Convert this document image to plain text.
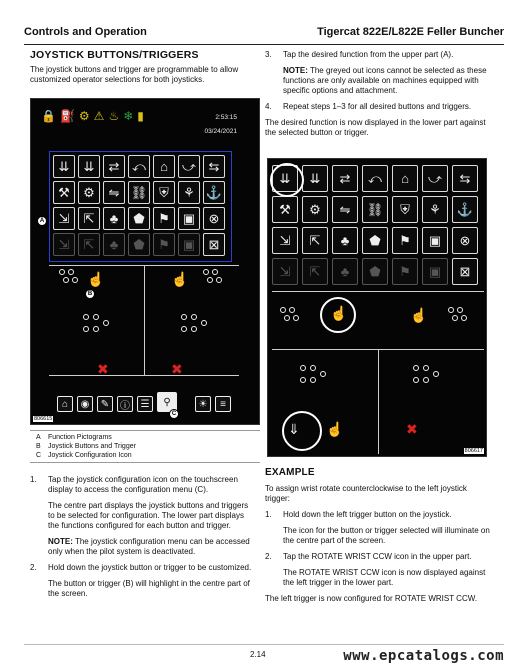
Controls and Operation	Tigercat 822E/L822E Feller Buncher
JOYSTICK BUTTONS/TRIGGERS

The joystick buttons and trigger are programmable to allow customized operator selections for both joysticks.

🔒 ⛽ ⚙ ⚠ ♨ ❄ ▮	2:53:15
03/24/2021
⇊	⇊	⇄ ⤺	⌂	⤻ ⇆
⚒	⚙	⇋ ⛓ ⛨	⚘ ⚓
⇲	⇱	♣	⬟	⚑	▣	⊗
⇲	⇱	♣	⬟	⚑	▣	⊠
☝	☝
✖	✖
⌂	◉	✎	ⓘ	☰	⚲	☀	≡
A
B
C
806615
A Function Pictograms
B Joystick Buttons and Trigger
C Joystick Configuration Icon
1. Tap the joystick configuration icon on the touchscreen display to access the configuration menu (C).

The centre part displays the joystick buttons and triggers to be selected for configuration. The lower part displays the functions configured for each button and trigger.

NOTE: The joystick configuration menu can be accessed only when the pilot system is deactivated.

2. Hold down the joystick button or trigger to be customized.

The button or trigger (B) will highlight in the centre part of the screen.

3. Tap the desired function from the upper part (A).

NOTE: The greyed out icons cannot be selected as these functions are only available on machines equipped with specific options and attachment.

4. Repeat steps 1–3 for all desired buttons and triggers.

The desired function is now displayed in the lower part against the selected button or trigger.

⇊	⇊	⇄	⤺	⌂	⤻	⇆
⚒	⚙	⇋	⛓	⛨	⚘	⚓
⇲	⇱	♣	⬟	⚑	▣	⊗
⇲	⇱	♣	⬟	⚑	▣	⊠
☝	☝
⇓ ☝	✖
806617
EXAMPLE

To assign wrist rotate counterclockwise to the left joystick trigger:

1. Hold down the left trigger button on the joystick.

The icon for the button or trigger selected will illuminate on the centre part of the screen.

2. Tap the ROTATE WRIST CCW icon in the upper part.

The ROTATE WRIST CCW icon is now displayed against the left trigger in the lower part.

The left trigger is now configured for ROTATE WRIST CCW.

2.14	www.epcatalogs.com
